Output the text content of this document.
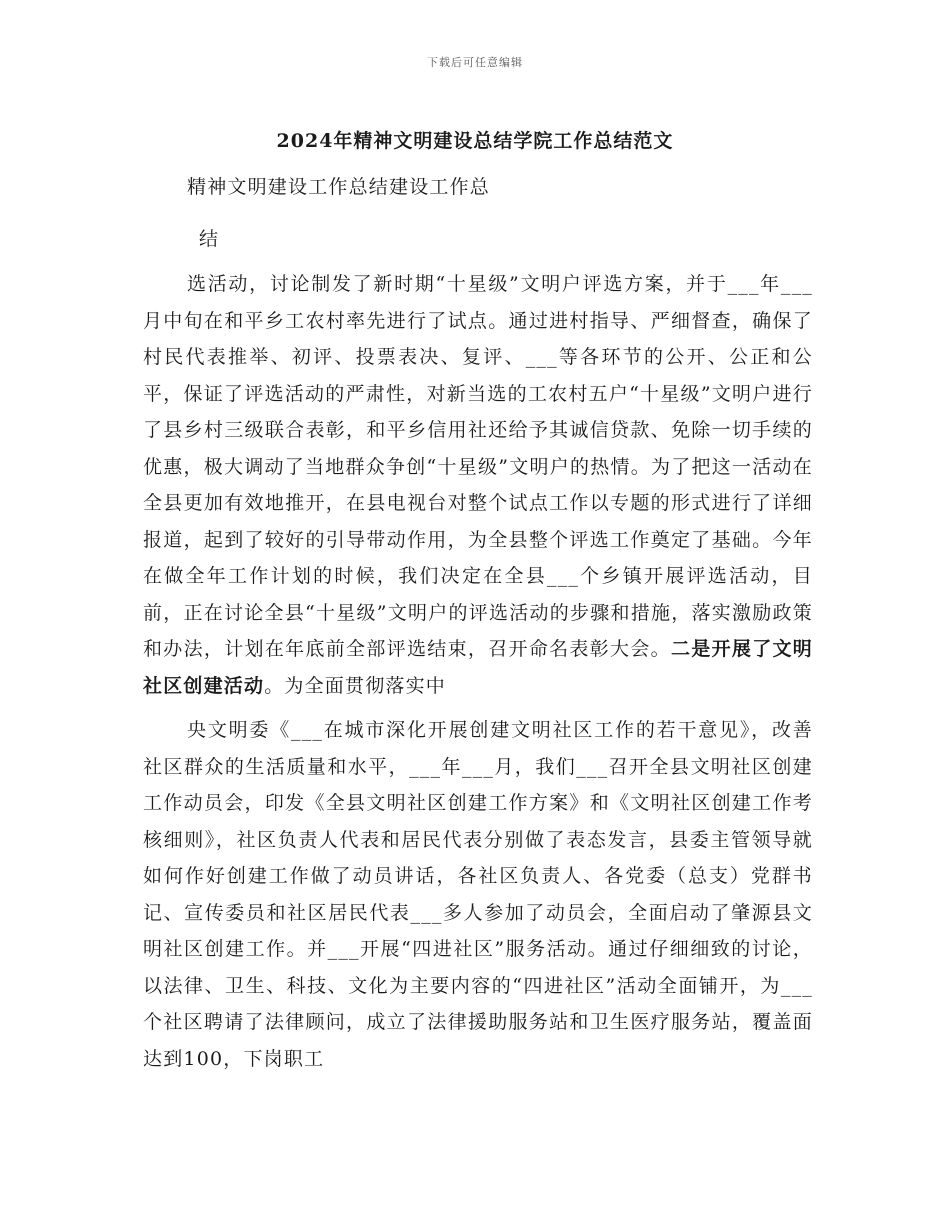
下载后可任意编辑
2024年精神文明建设总结学院工作总结范文
精神文明建设工作总结建设工作总
结

选活动，讨论制发了新时期“十星级”文明户评选方案，并于___年___月中旬在和平乡工农村率先进行了试点。通过进村指导、严细督查，确保了村民代表推举、初评、投票表决、复评、___等各环节的公开、公正和公平，保证了评选活动的严肃性，对新当选的工农村五户“十星级”文明户进行了县乡村三级联合表彰，和平乡信用社还给予其诚信贷款、免除一切手续的优惠，极大调动了当地群众争创“十星级”文明户的热情。为了把这一活动在全县更加有效地推开，在县电视台对整个试点工作以专题的形式进行了详细报道，起到了较好的引导带动作用，为全县整个评选工作奠定了基础。今年在做全年工作计划的时候，我们决定在全县___个乡镇开展评选活动，目前，正在讨论全县“十星级”文明户的评选活动的步骤和措施，落实激励政策和办法，计划在年底前全部评选结束，召开命名表彰大会。二是开展了文明社区创建活动。为全面贯彻落实中

央文明委《___在城市深化开展创建文明社区工作的若干意见》，改善社区群众的生活质量和水平，___年___月，我们___召开全县文明社区创建工作动员会，印发《全县文明社区创建工作方案》和《文明社区创建工作考核细则》，社区负责人代表和居民代表分别做了表态发言，县委主管领导就如何作好创建工作做了动员讲话，各社区负责人、各党委（总支）党群书记、宣传委员和社区居民代表___多人参加了动员会，全面启动了肇源县文明社区创建工作。并___开展“四进社区”服务活动。通过仔细细致的讨论，以法律、卫生、科技、文化为主要内容的“四进社区”活动全面铺开，为___个社区聘请了法律顾问，成立了法律援助服务站和卫生医疗服务站，覆盖面达到100，下岗职工
